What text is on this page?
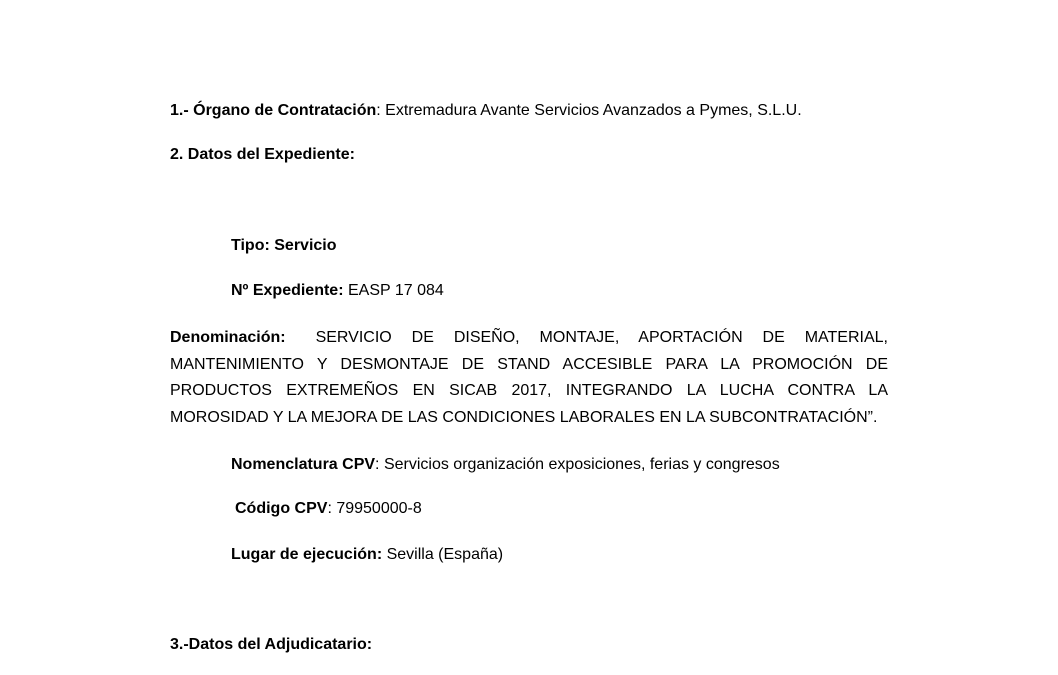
1.- Órgano de Contratación: Extremadura Avante Servicios Avanzados a Pymes, S.L.U.
2. Datos del Expediente:
Tipo: Servicio
Nº Expediente: EASP 17 084
Denominación: SERVICIO DE DISEÑO, MONTAJE, APORTACIÓN DE MATERIAL, MANTENIMIENTO Y DESMONTAJE DE STAND ACCESIBLE PARA LA PROMOCIÓN DE PRODUCTOS EXTREMEÑOS EN SICAB 2017, INTEGRANDO LA LUCHA CONTRA LA MOROSIDAD Y LA MEJORA DE LAS CONDICIONES LABORALES EN LA SUBCONTRATACIÓN”.
Nomenclatura CPV: Servicios organización exposiciones, ferias y congresos
Código CPV: 79950000-8
Lugar de ejecución: Sevilla (España)
3.-Datos del Adjudicatario:
